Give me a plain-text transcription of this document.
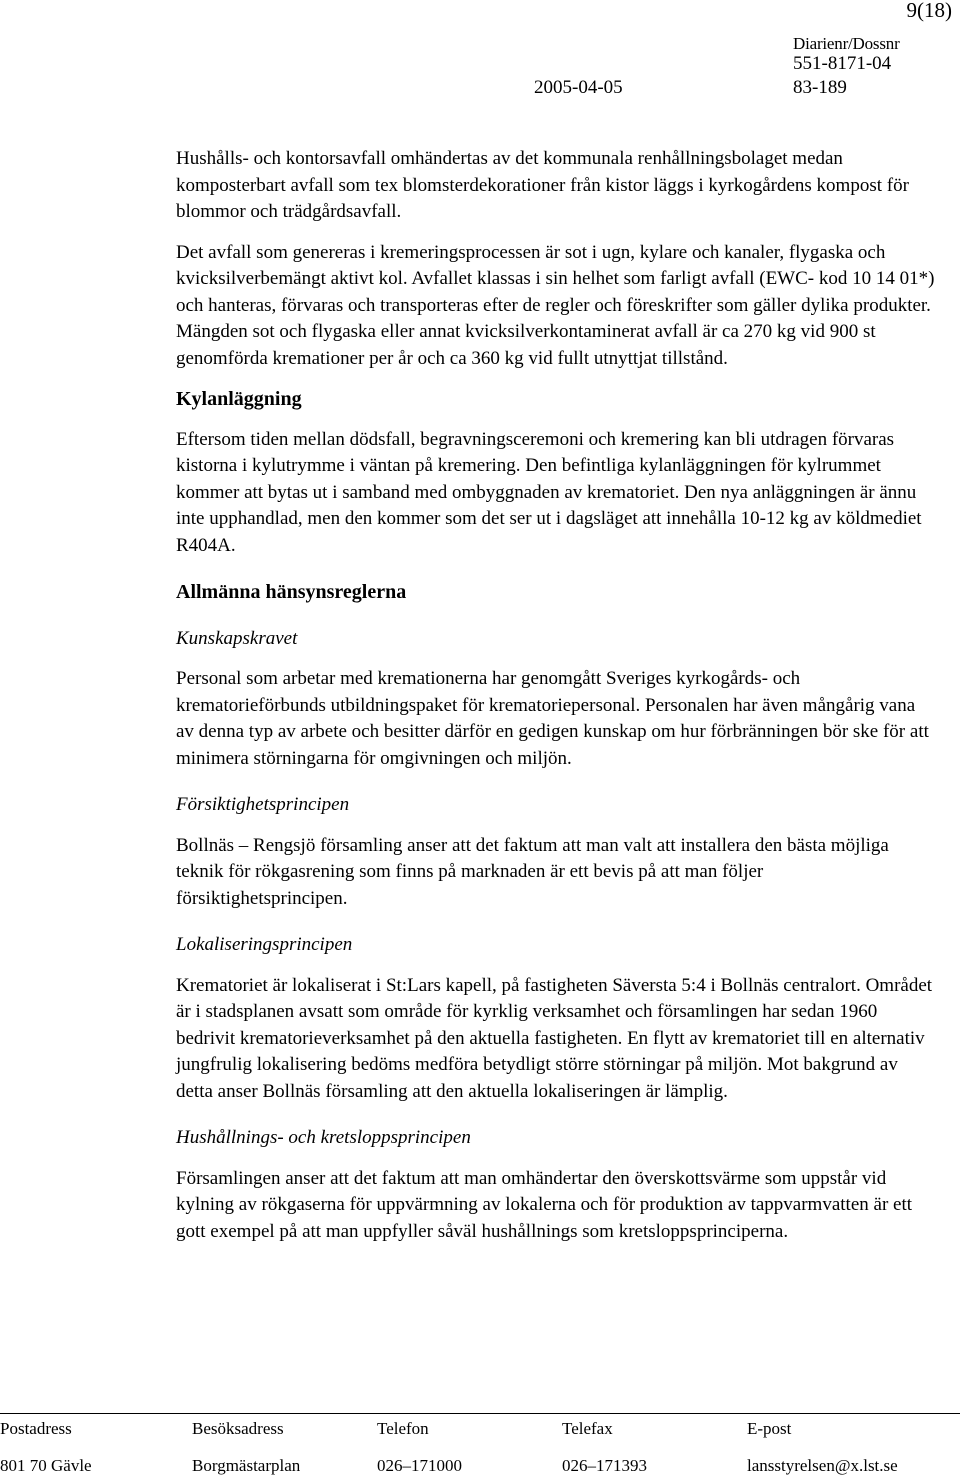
9(18)
Diarienr/Dossnr
551-8171-04
2005-04-05	83-189

Hushålls- och kontorsavfall omhändertas av det kommunala renhållningsbolaget medan komposterbart avfall som tex blomsterdekorationer från kistor läggs i kyrkogårdens kompost för blommor och trädgårdsavfall.

Det avfall som genereras i kremeringsprocessen är sot i ugn, kylare och kanaler, flygaska och kvicksilverbemängt aktivt kol. Avfallet klassas i sin helhet som farligt avfall (EWC- kod 10 14 01*) och hanteras, förvaras och transporteras efter de regler och föreskrifter som gäller dylika produkter. Mängden sot och flygaska eller annat kvicksilverkontaminerat avfall är ca 270 kg vid 900 st genomförda kremationer per år och ca 360 kg vid fullt utnyttjat tillstånd.

Kylanläggning

Eftersom tiden mellan dödsfall, begravningsceremoni och kremering kan bli utdragen förvaras kistorna i kylutrymme i väntan på kremering. Den befintliga kylanläggningen för kylrummet kommer att bytas ut i samband med ombyggnaden av krematoriet. Den nya anläggningen är ännu inte upphandlad, men den kommer som det ser ut i dagsläget att innehålla 10-12 kg av köldmediet R404A.

Allmänna hänsynsreglerna

Kunskapskravet

Personal som arbetar med kremationerna har genomgått Sveriges kyrkogårds- och krematorieförbunds utbildningspaket för krematoriepersonal. Personalen har även mångårig vana av denna typ av arbete och besitter därför en gedigen kunskap om hur förbränningen bör ske för att minimera störningarna för omgivningen och miljön.

Försiktighetsprincipen

Bollnäs – Rengsjö församling anser att det faktum att man valt att installera den bästa möjliga teknik för rökgasrening som finns på marknaden är ett bevis på att man följer försiktighetsprincipen.

Lokaliseringsprincipen

Krematoriet är lokaliserat i St:Lars kapell, på fastigheten Säversta 5:4 i Bollnäs centralort. Området är i stadsplanen avsatt som område för kyrklig verksamhet och församlingen har sedan 1960 bedrivit krematorieverksamhet på den aktuella fastigheten. En flytt av krematoriet till en alternativ jungfrulig lokalisering bedöms medföra betydligt större störningar på miljön. Mot bakgrund av detta anser Bollnäs församling att den aktuella lokaliseringen är lämplig.

Hushållnings- och kretsloppsprincipen

Församlingen anser att det faktum att man omhändertar den överskottsvärme som uppstår vid kylning av rökgaserna för uppvärmning av lokalerna och för produktion av tappvarmvatten är ett gott exempel på att man uppfyller såväl hushållnings som kretsloppsprinciperna.

Postadress	Besöksadress	Telefon	Telefax	E-post
801 70 Gävle	Borgmästarplan	026–171000	026–171393	lansstyrelsen@x.lst.se
